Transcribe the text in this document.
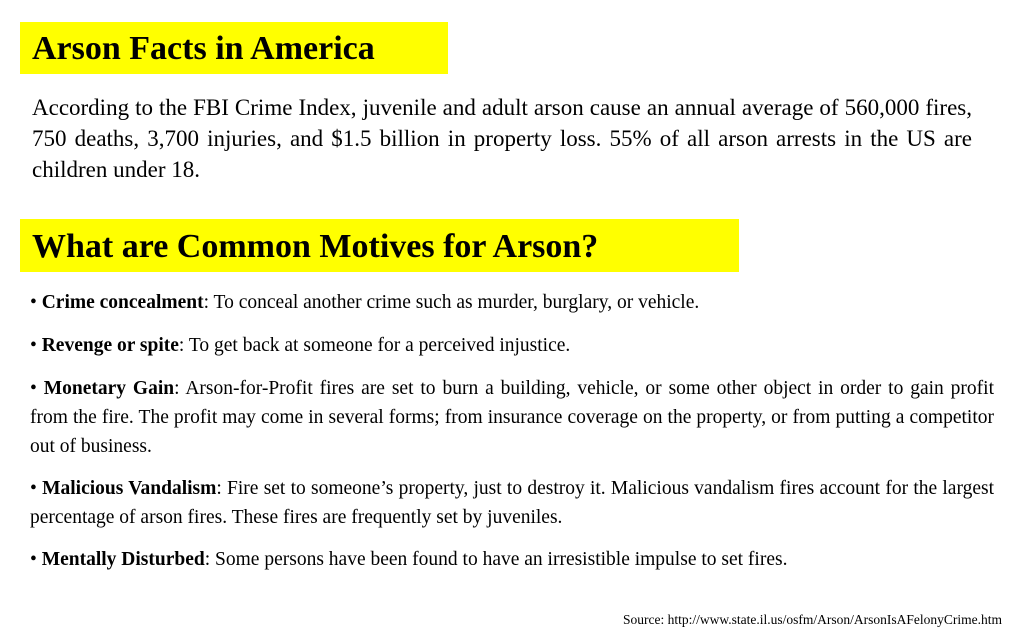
Arson Facts in America

According to the FBI Crime Index, juvenile and adult arson cause an annual average of 560,000 fires, 750 deaths, 3,700 injuries, and $1.5 billion in property loss. 55% of all arson arrests in the US are children under 18.

What are Common Motives for Arson?
• Crime concealment: To conceal another crime such as murder, burglary, or vehicle.
• Revenge or spite: To get back at someone for a perceived injustice.
• Monetary Gain: Arson-for-Profit fires are set to burn a building, vehicle, or some other object in order to gain profit from the fire. The profit may come in several forms; from insurance coverage on the property, or from putting a competitor out of business.
• Malicious Vandalism: Fire set to someone’s property, just to destroy it. Malicious vandalism fires account for the largest percentage of arson fires. These fires are frequently set by juveniles.
• Mentally Disturbed: Some persons have been found to have an irresistible impulse to set fires.
Source: http://www.state.il.us/osfm/Arson/ArsonIsAFelonyCrime.htm
